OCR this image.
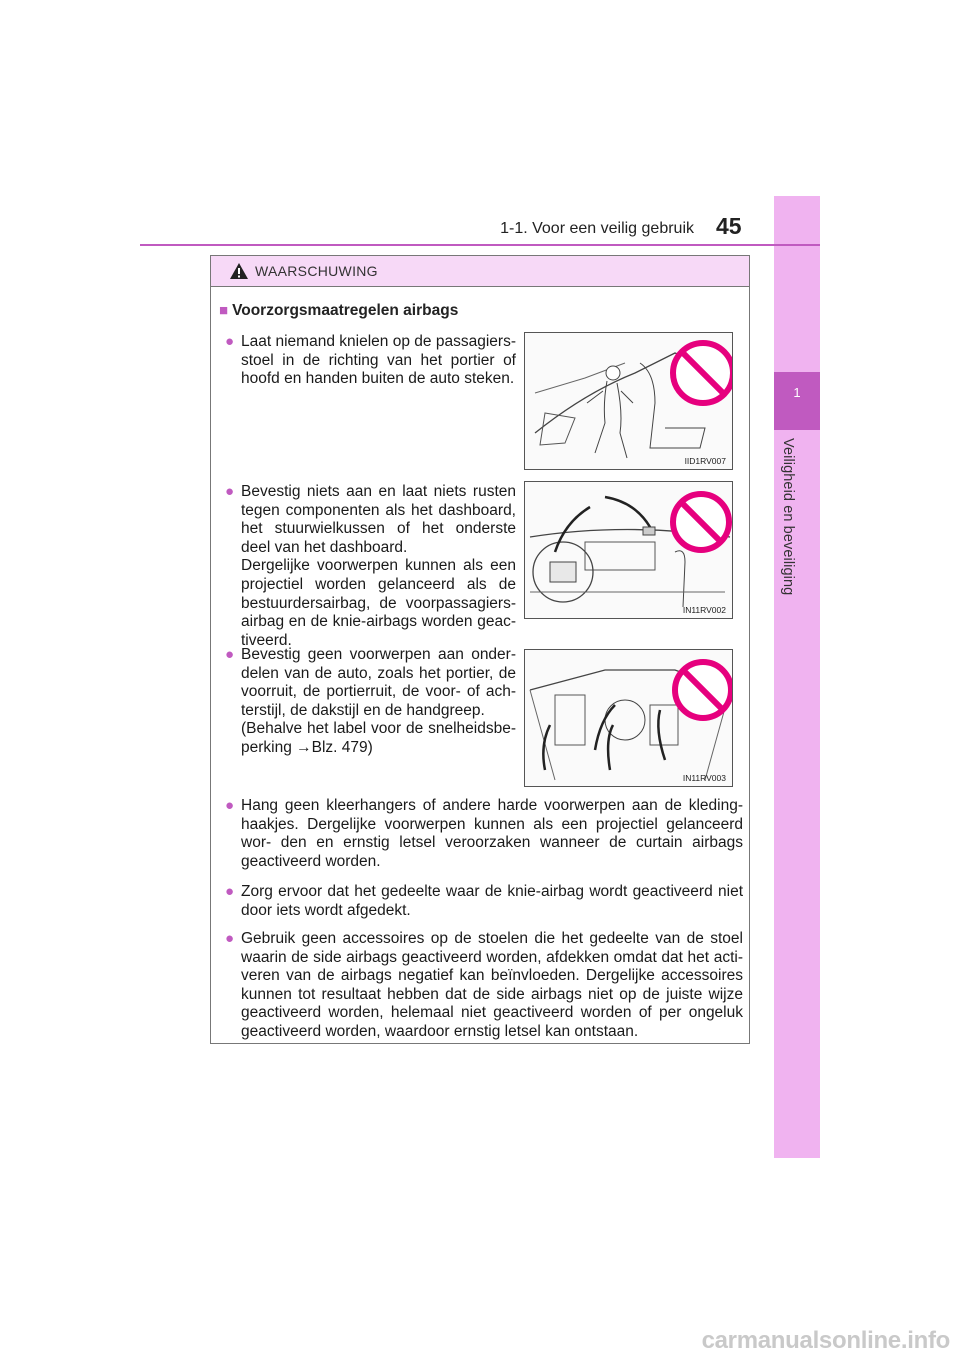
1
Veiligheid en beveiliging
1-1. Voor een veilig gebruik 45
WAARSCHUWING
■ Voorzorgsmaatregelen airbags
● Laat niemand knielen op de passagiers- stoel in de richting van het portier of hoofd en handen buiten de auto steken.
IID1RV007
● Bevestig niets aan en laat niets rusten tegen componenten als het dashboard, het stuurwielkussen of het onderste deel van het dashboard.
Dergelijke voorwerpen kunnen als een projectiel worden gelanceerd als de bestuurdersairbag, de voorpassagiers- airbag en de knie-airbags worden geac- tiveerd.
IN11RV002
● Bevestig geen voorwerpen aan onder- delen van de auto, zoals het portier, de voorruit, de portierruit, de voor- of ach- terstijl, de dakstijl en de handgreep.
(Behalve het label voor de snelheidsbe- perking →Blz. 479)
IN11RV003
● Hang geen kleerhangers of andere harde voorwerpen aan de kleding- haakjes. Dergelijke voorwerpen kunnen als een projectiel gelanceerd wor- den en ernstig letsel veroorzaken wanneer de curtain airbags geactiveerd worden.
● Zorg ervoor dat het gedeelte waar de knie-airbag wordt geactiveerd niet door iets wordt afgedekt.
● Gebruik geen accessoires op de stoelen die het gedeelte van de stoel waarin de side airbags geactiveerd worden, afdekken omdat dat het acti- veren van de airbags negatief kan beïnvloeden. Dergelijke accessoires kunnen tot resultaat hebben dat de side airbags niet op de juiste wijze geactiveerd worden, helemaal niet geactiveerd worden of per ongeluk geactiveerd worden, waardoor ernstig letsel kan ontstaan.
carmanualsonline.info
